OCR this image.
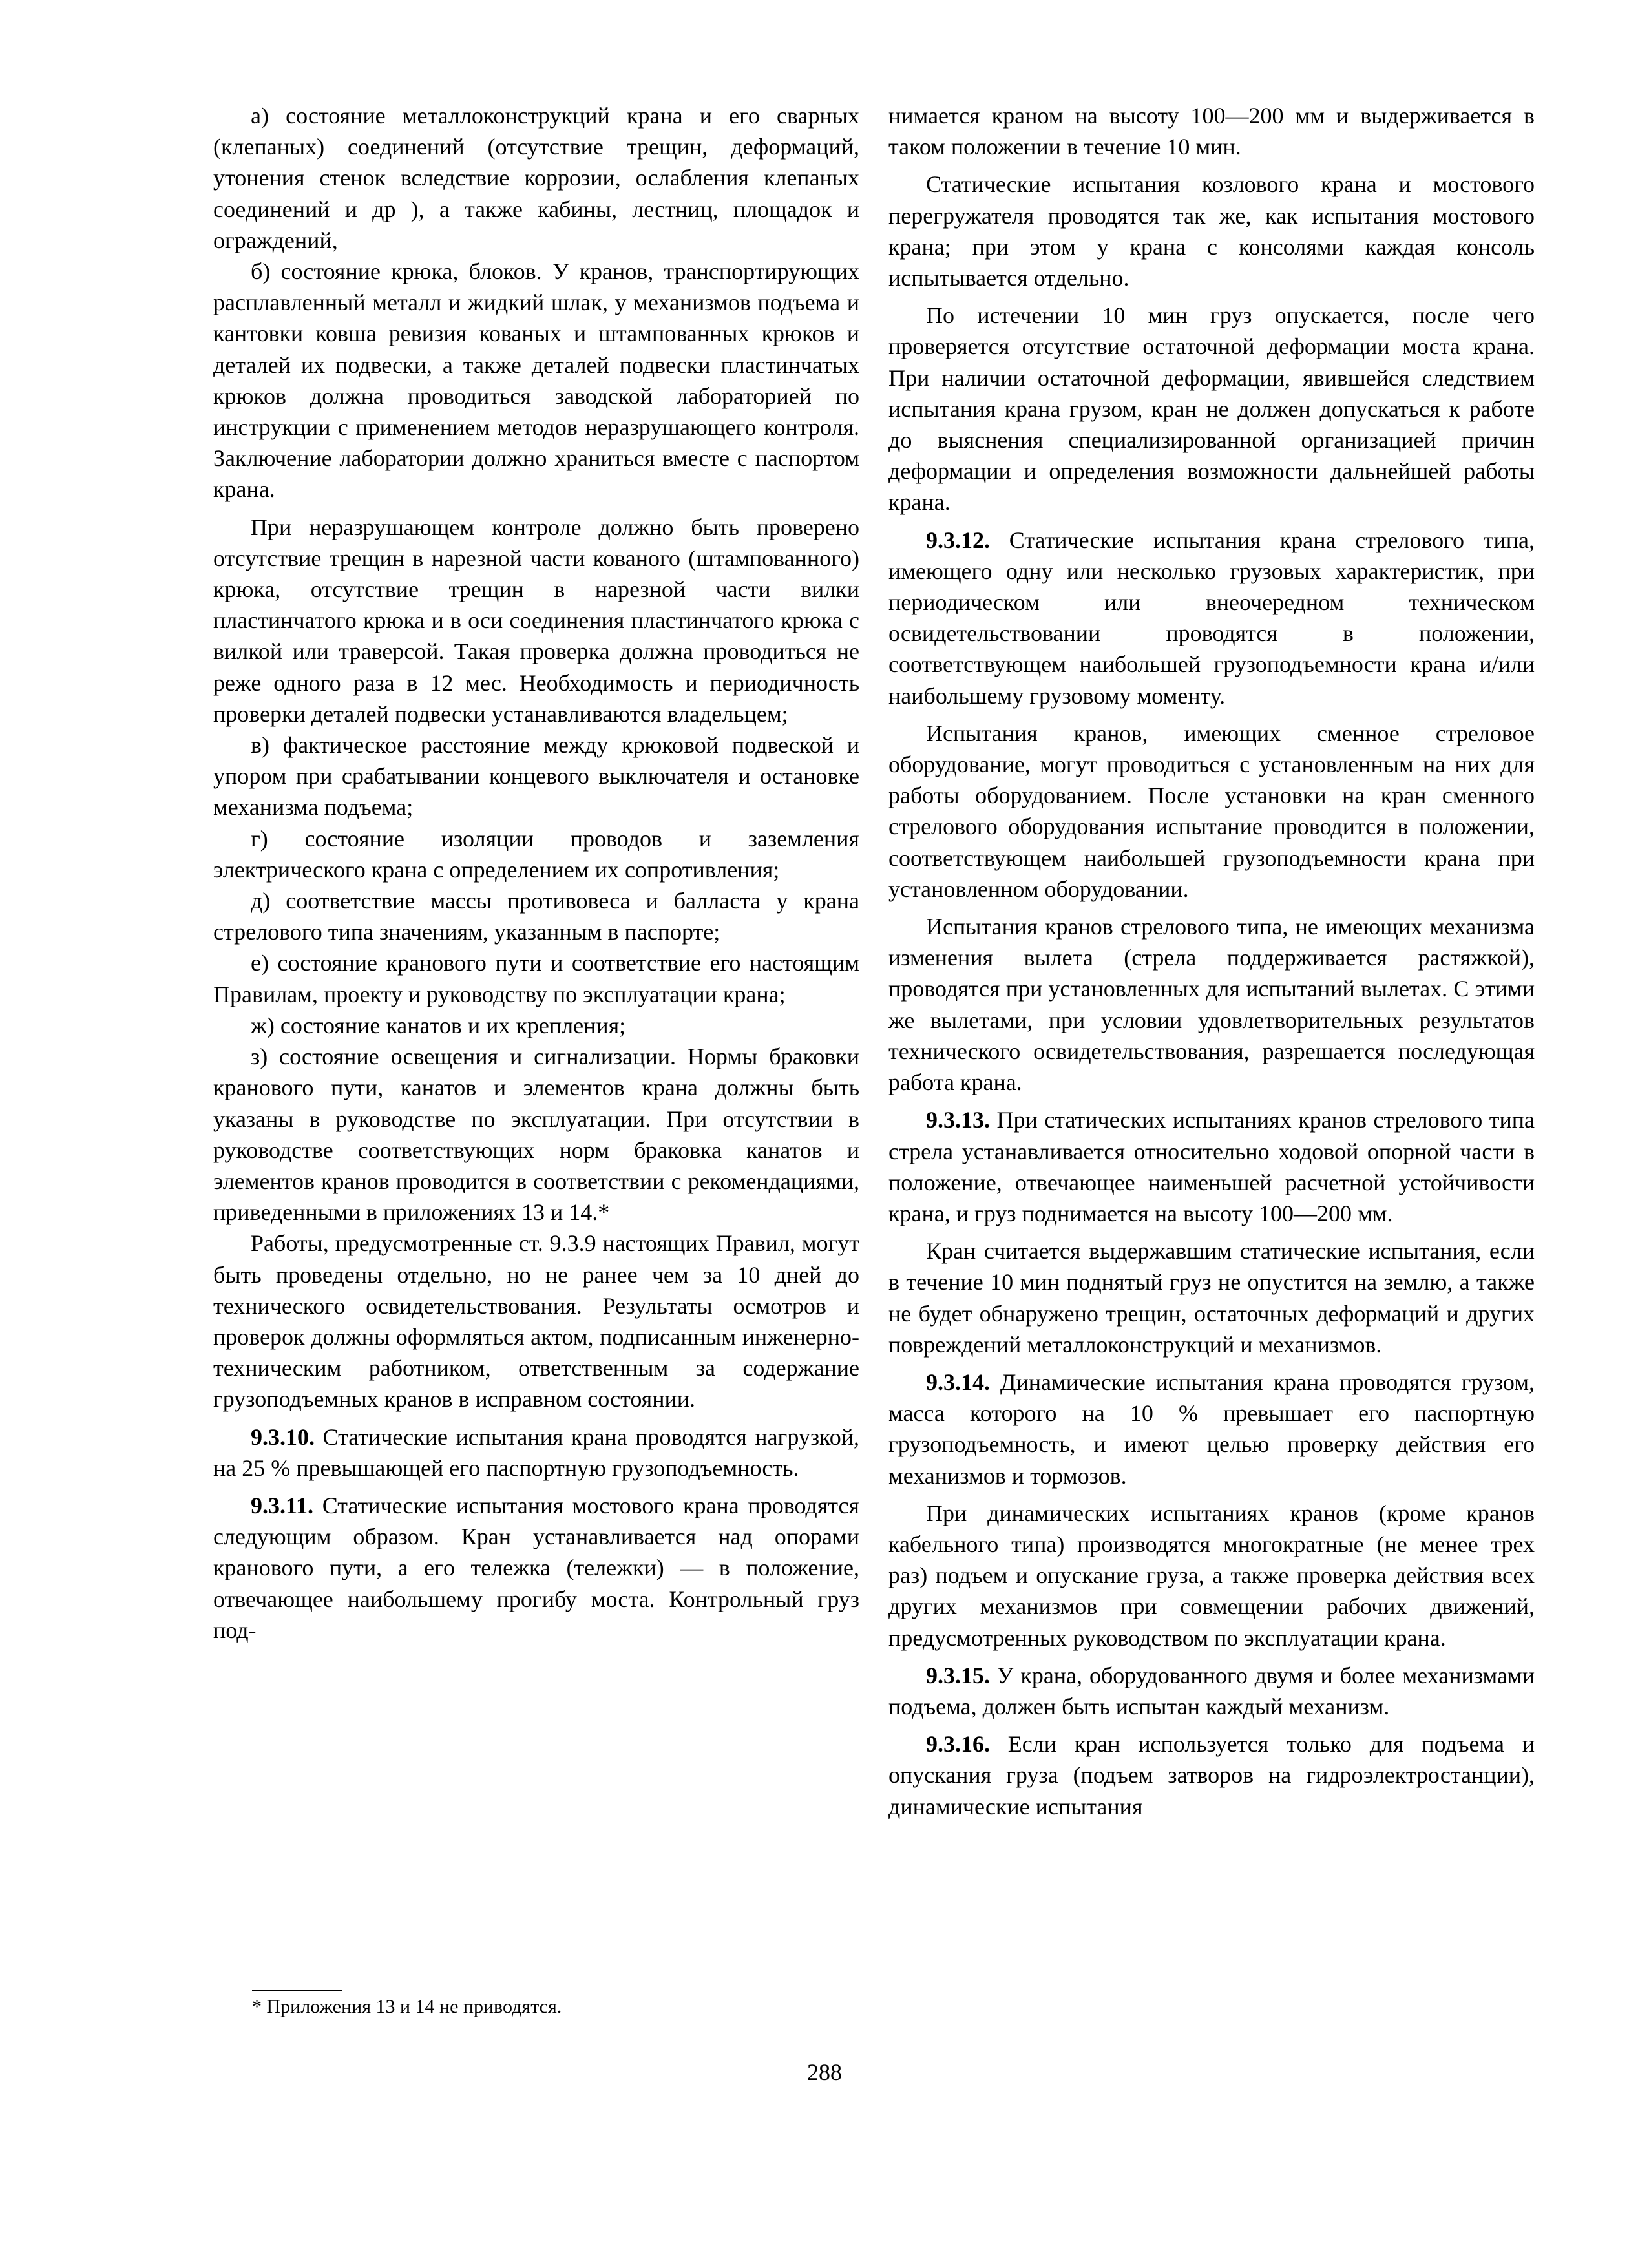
а) состояние металлоконструкций крана и его сварных (клепаных) соединений (отсутствие трещин, деформаций, утонения стенок вследствие коррозии, ослабления клепаных соединений и др ), а также кабины, лестниц, площадок и ограждений,

б) состояние крюка, блоков. У кранов, транспортирующих расплавленный металл и жидкий шлак, у механизмов подъема и кантовки ковша ревизия кованых и штампованных крюков и деталей их подвески, а также деталей подвески пластинчатых крюков должна проводиться заводской лабораторией по инструкции с применением методов неразрушающего контроля. Заключение лаборатории должно храниться вместе с паспортом крана.

При неразрушающем контроле должно быть проверено отсутствие трещин в нарезной части кованого (штампованного) крюка, отсутствие трещин в нарезной части вилки пластинчатого крюка и в оси соединения пластинчатого крюка с вилкой или траверсой. Такая проверка должна проводиться не реже одного раза в 12 мес. Необходимость и периодичность проверки деталей подвески устанавливаются владельцем;

в) фактическое расстояние между крюковой подвеской и упором при срабатывании концевого выключателя и остановке механизма подъема;

г) состояние изоляции проводов и заземления электрического крана с определением их сопротивления;

д) соответствие массы противовеса и балласта у крана стрелового типа значениям, указанным в паспорте;

е) состояние кранового пути и соответствие его настоящим Правилам, проекту и руководству по эксплуатации крана;

ж) состояние канатов и их крепления;

з) состояние освещения и сигнализации. Нормы браковки кранового пути, канатов и элементов крана должны быть указаны в руководстве по эксплуатации. При отсутствии в руководстве соответствующих норм браковка канатов и элементов кранов проводится в соответствии с рекомендациями, приведенными в приложениях 13 и 14.*

Работы, предусмотренные ст. 9.3.9 настоящих Правил, могут быть проведены отдельно, но не ранее чем за 10 дней до технического освидетельствования. Результаты осмотров и проверок должны оформляться актом, подписанным инженерно-техническим работником, ответственным за содержание грузоподъемных кранов в исправном состоянии.

9.3.10. Статические испытания крана проводятся нагрузкой, на 25 % превышающей его паспортную грузоподъемность.

9.3.11. Статические испытания мостового крана проводятся следующим образом. Кран устанавливается над опорами кранового пути, а его тележка (тележки) — в положение, отвечающее наибольшему прогибу моста. Контрольный груз под-

нимается краном на высоту 100—200 мм и выдерживается в таком положении в течение 10 мин.

Статические испытания козлового крана и мостового перегружателя проводятся так же, как испытания мостового крана; при этом у крана с консолями каждая консоль испытывается отдельно.

По истечении 10 мин груз опускается, после чего проверяется отсутствие остаточной деформации моста крана. При наличии остаточной деформации, явившейся следствием испытания крана грузом, кран не должен допускаться к работе до выяснения специализированной организацией причин деформации и определения возможности дальнейшей работы крана.

9.3.12. Статические испытания крана стрелового типа, имеющего одну или несколько грузовых характеристик, при периодическом или внеочередном техническом освидетельствовании проводятся в положении, соответствующем наибольшей грузоподъемности крана и/или наибольшему грузовому моменту.

Испытания кранов, имеющих сменное стреловое оборудование, могут проводиться с установленным на них для работы оборудованием. После установки на кран сменного стрелового оборудования испытание проводится в положении, соответствующем наибольшей грузоподъемности крана при установленном оборудовании.

Испытания кранов стрелового типа, не имеющих механизма изменения вылета (стрела поддерживается растяжкой), проводятся при установленных для испытаний вылетах. С этими же вылетами, при условии удовлетворительных результатов технического освидетельствования, разрешается последующая работа крана.

9.3.13. При статических испытаниях кранов стрелового типа стрела устанавливается относительно ходовой опорной части в положение, отвечающее наименьшей расчетной устойчивости крана, и груз поднимается на высоту 100—200 мм.

Кран считается выдержавшим статические испытания, если в течение 10 мин поднятый груз не опустится на землю, а также не будет обнаружено трещин, остаточных деформаций и других повреждений металлоконструкций и механизмов.

9.3.14. Динамические испытания крана проводятся грузом, масса которого на 10 % превышает его паспортную грузоподъемность, и имеют целью проверку действия его механизмов и тормозов.

При динамических испытаниях кранов (кроме кранов кабельного типа) производятся многократные (не менее трех раз) подъем и опускание груза, а также проверка действия всех других механизмов при совмещении рабочих движений, предусмотренных руководством по эксплуатации крана.

9.3.15. У крана, оборудованного двумя и более механизмами подъема, должен быть испытан каждый механизм.

9.3.16. Если кран используется только для подъема и опускания груза (подъем затворов на гидроэлектростанции), динамические испытания

* Приложения 13 и 14 не приводятся.
288
